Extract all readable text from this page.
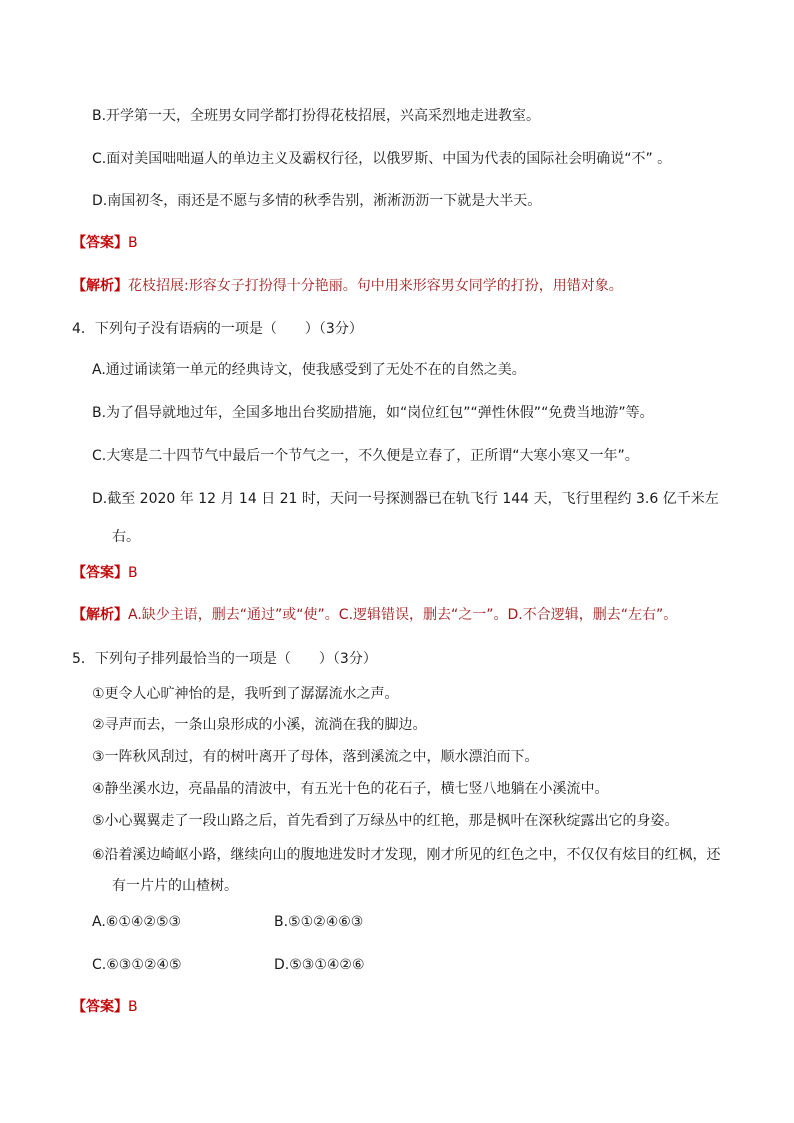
B.开学第一天，全班男女同学都打扮得花枝招展，兴高采烈地走进教室。
C.面对美国咄咄逼人的单边主义及霸权行径，以俄罗斯、中国为代表的国际社会明确说“不” 。
D.南国初冬，雨还是不愿与多情的秋季告别，淅淅沥沥一下就是大半天。
【答案】B
【解析】花枝招展:形容女子打扮得十分艳丽。句中用来形容男女同学的打扮，用错对象。
4．下列句子没有语病的一项是（　　）（3分）
A.通过诵读第一单元的经典诗文，使我感受到了无处不在的自然之美。
B.为了倡导就地过年，全国多地出台奖励措施，如“岗位红包”“弹性休假”“免费当地游”等。
C.大寒是二十四节气中最后一个节气之一，不久便是立春了，正所谓“大寒小寒又一年”。
D.截至 2020 年 12 月 14 日 21 时，天问一号探测器已在轨飞行 144 天，飞行里程约 3.6 亿千米左
右。
【答案】B
【解析】A.缺少主语，删去“通过”或“使”。C.逻辑错误，删去“之一”。D.不合逻辑，删去“左右”。
5．下列句子排列最恰当的一项是（　　）（3分）
①更令人心旷神怡的是，我听到了潺潺流水之声。
②寻声而去，一条山泉形成的小溪，流淌在我的脚边。
③一阵秋风刮过，有的树叶离开了母体，落到溪流之中，顺水漂泊而下。
④静坐溪水边，亮晶晶的清波中，有五光十色的花石子，横七竖八地躺在小溪流中。
⑤小心翼翼走了一段山路之后，首先看到了万绿丛中的红艳，那是枫叶在深秋绽露出它的身姿。
⑥沿着溪边崎岖小路，继续向山的腹地进发时才发现，刚才所见的红色之中，不仅仅有炫目的红枫，还
有一片片的山楂树。
A.⑥①④②⑤③	B.⑤①②④⑥③
C.⑥③①②④⑤	D.⑤③①④②⑥
【答案】B
